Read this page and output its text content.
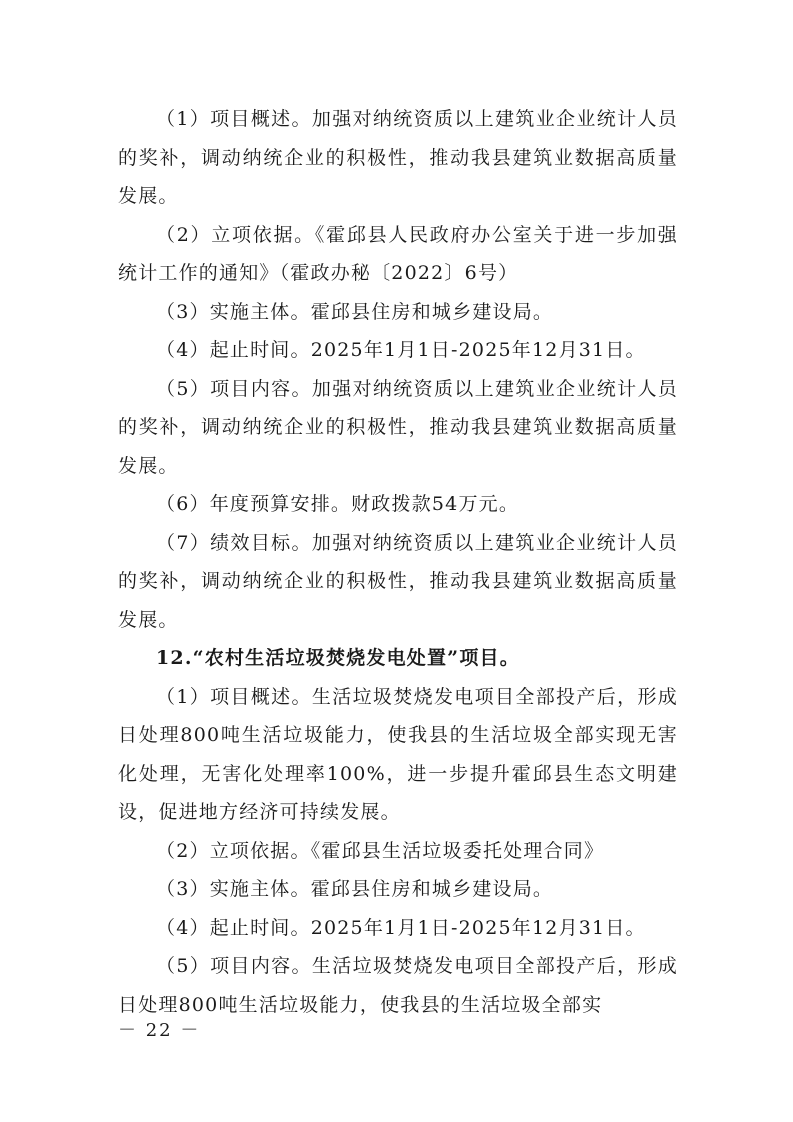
（1）项目概述。加强对纳统资质以上建筑业企业统计人员的奖补，调动纳统企业的积极性，推动我县建筑业数据高质量发展。

（2）立项依据。《霍邱县人民政府办公室关于进一步加强统计工作的通知》（霍政办秘〔2022〕6号）

（3）实施主体。霍邱县住房和城乡建设局。

（4）起止时间。2025年1月1日-2025年12月31日。

（5）项目内容。加强对纳统资质以上建筑业企业统计人员的奖补，调动纳统企业的积极性，推动我县建筑业数据高质量发展。

（6）年度预算安排。财政拨款54万元。

（7）绩效目标。加强对纳统资质以上建筑业企业统计人员的奖补，调动纳统企业的积极性，推动我县建筑业数据高质量发展。

12.“农村生活垃圾焚烧发电处置”项目。

（1）项目概述。生活垃圾焚烧发电项目全部投产后，形成日处理800吨生活垃圾能力，使我县的生活垃圾全部实现无害化处理，无害化处理率100%，进一步提升霍邱县生态文明建设，促进地方经济可持续发展。

（2）立项依据。《霍邱县生活垃圾委托处理合同》

（3）实施主体。霍邱县住房和城乡建设局。

（4）起止时间。2025年1月1日-2025年12月31日。

（5）项目内容。生活垃圾焚烧发电项目全部投产后，形成日处理800吨生活垃圾能力，使我县的生活垃圾全部实

－ 22 －
